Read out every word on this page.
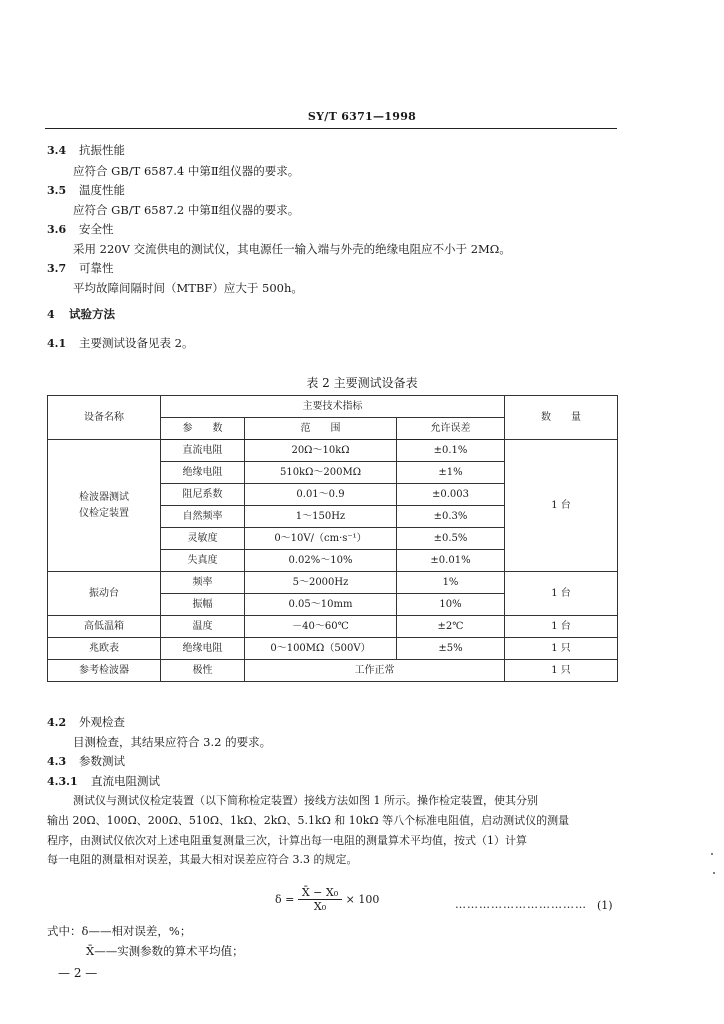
SY/T 6371—1998
3.4 抗振性能
应符合 GB/T 6587.4 中第Ⅱ组仪器的要求。
3.5 温度性能
应符合 GB/T 6587.2 中第Ⅱ组仪器的要求。
3.6 安全性
采用 220V 交流供电的测试仪，其电源任一输入端与外壳的绝缘电阻应不小于 2MΩ。
3.7 可靠性
平均故障间隔时间（MTBF）应大于 500h。
4 试验方法
4.1 主要测试设备见表 2。
表 2 主要测试设备表
设备名称	主要技术指标			数　　量
	参　　数	范　　围	允许误差	
检波器测试
仪检定装置	直流电阻	20Ω～10kΩ	±0.1%	1 台
	绝缘电阻	510kΩ～200MΩ	±1%	
	阻尼系数	0.01～0.9	±0.003	
	自然频率	1～150Hz	±0.3%	
	灵敏度	0～10V/（cm·s⁻¹）	±0.5%	
	失真度	0.02%～10%	±0.01%	
振动台	频率	5～2000Hz	1%	1 台
	振幅	0.05～10mm	10%	
高低温箱	温度	－40～60℃	±2℃	1 台
兆欧表	绝缘电阻	0～100MΩ（500V）	±5%	1 只
参考检波器	极性	工作正常		1 只
4.2 外观检查
目测检查，其结果应符合 3.2 的要求。
4.3 参数测试
4.3.1 直流电阻测试
测试仪与测试仪检定装置（以下简称检定装置）接线方法如图 1 所示。操作检定装置，使其分别
输出 20Ω、100Ω、200Ω、510Ω、1kΩ、2kΩ、5.1kΩ 和 10kΩ 等八个标准电阻值，启动测试仪的测量
程序，由测试仪依次对上述电阻重复测量三次，计算出每一电阻的测量算术平均值，按式（1）计算
每一电阻的测量相对误差，其最大相对误差应符合 3.3 的规定。
$\delta = \frac{\text{X̄ − X₀}}{\text{X₀}} \times 100$	…………………………… (1)
式中：δ——相对误差，%；
X̄——实测参数的算术平均值；
— 2 —
